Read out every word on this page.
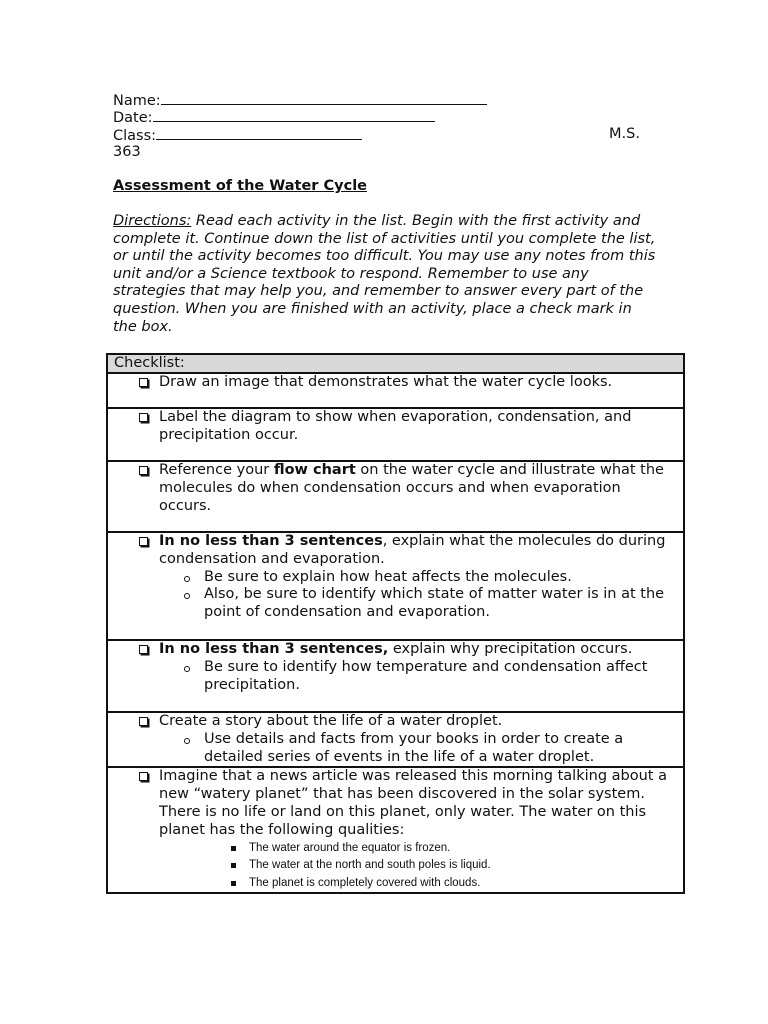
Name:
Date:
Class:	M.S.
363
Assessment of the Water Cycle
Directions: Read each activity in the list. Begin with the first activity and complete it. Continue down the list of activities until you complete the list, or until the activity becomes too difficult. You may use any notes from this unit and/or a Science textbook to respond. Remember to use any strategies that may help you, and remember to answer every part of the question. When you are finished with an activity, place a check mark in the box.
Checklist:

Draw an image that demonstrates what the water cycle looks.

Label the diagram to show when evaporation, condensation, and precipitation occur.

Reference your flow chart on the water cycle and illustrate what the molecules do when condensation occurs and when evaporation occurs.

In no less than 3 sentences, explain what the molecules do during condensation and evaporation.
Be sure to explain how heat affects the molecules.
Also, be sure to identify which state of matter water is in at the point of condensation and evaporation.

In no less than 3 sentences, explain why precipitation occurs.
Be sure to identify how temperature and condensation affect precipitation.

Create a story about the life of a water droplet.
Use details and facts from your books in order to create a detailed series of events in the life of a water droplet.

Imagine that a news article was released this morning talking about a new “watery planet” that has been discovered in the solar system. There is no life or land on this planet, only water. The water on this planet has the following qualities:
The water around the equator is frozen.
The water at the north and south poles is liquid.
The planet is completely covered with clouds.
